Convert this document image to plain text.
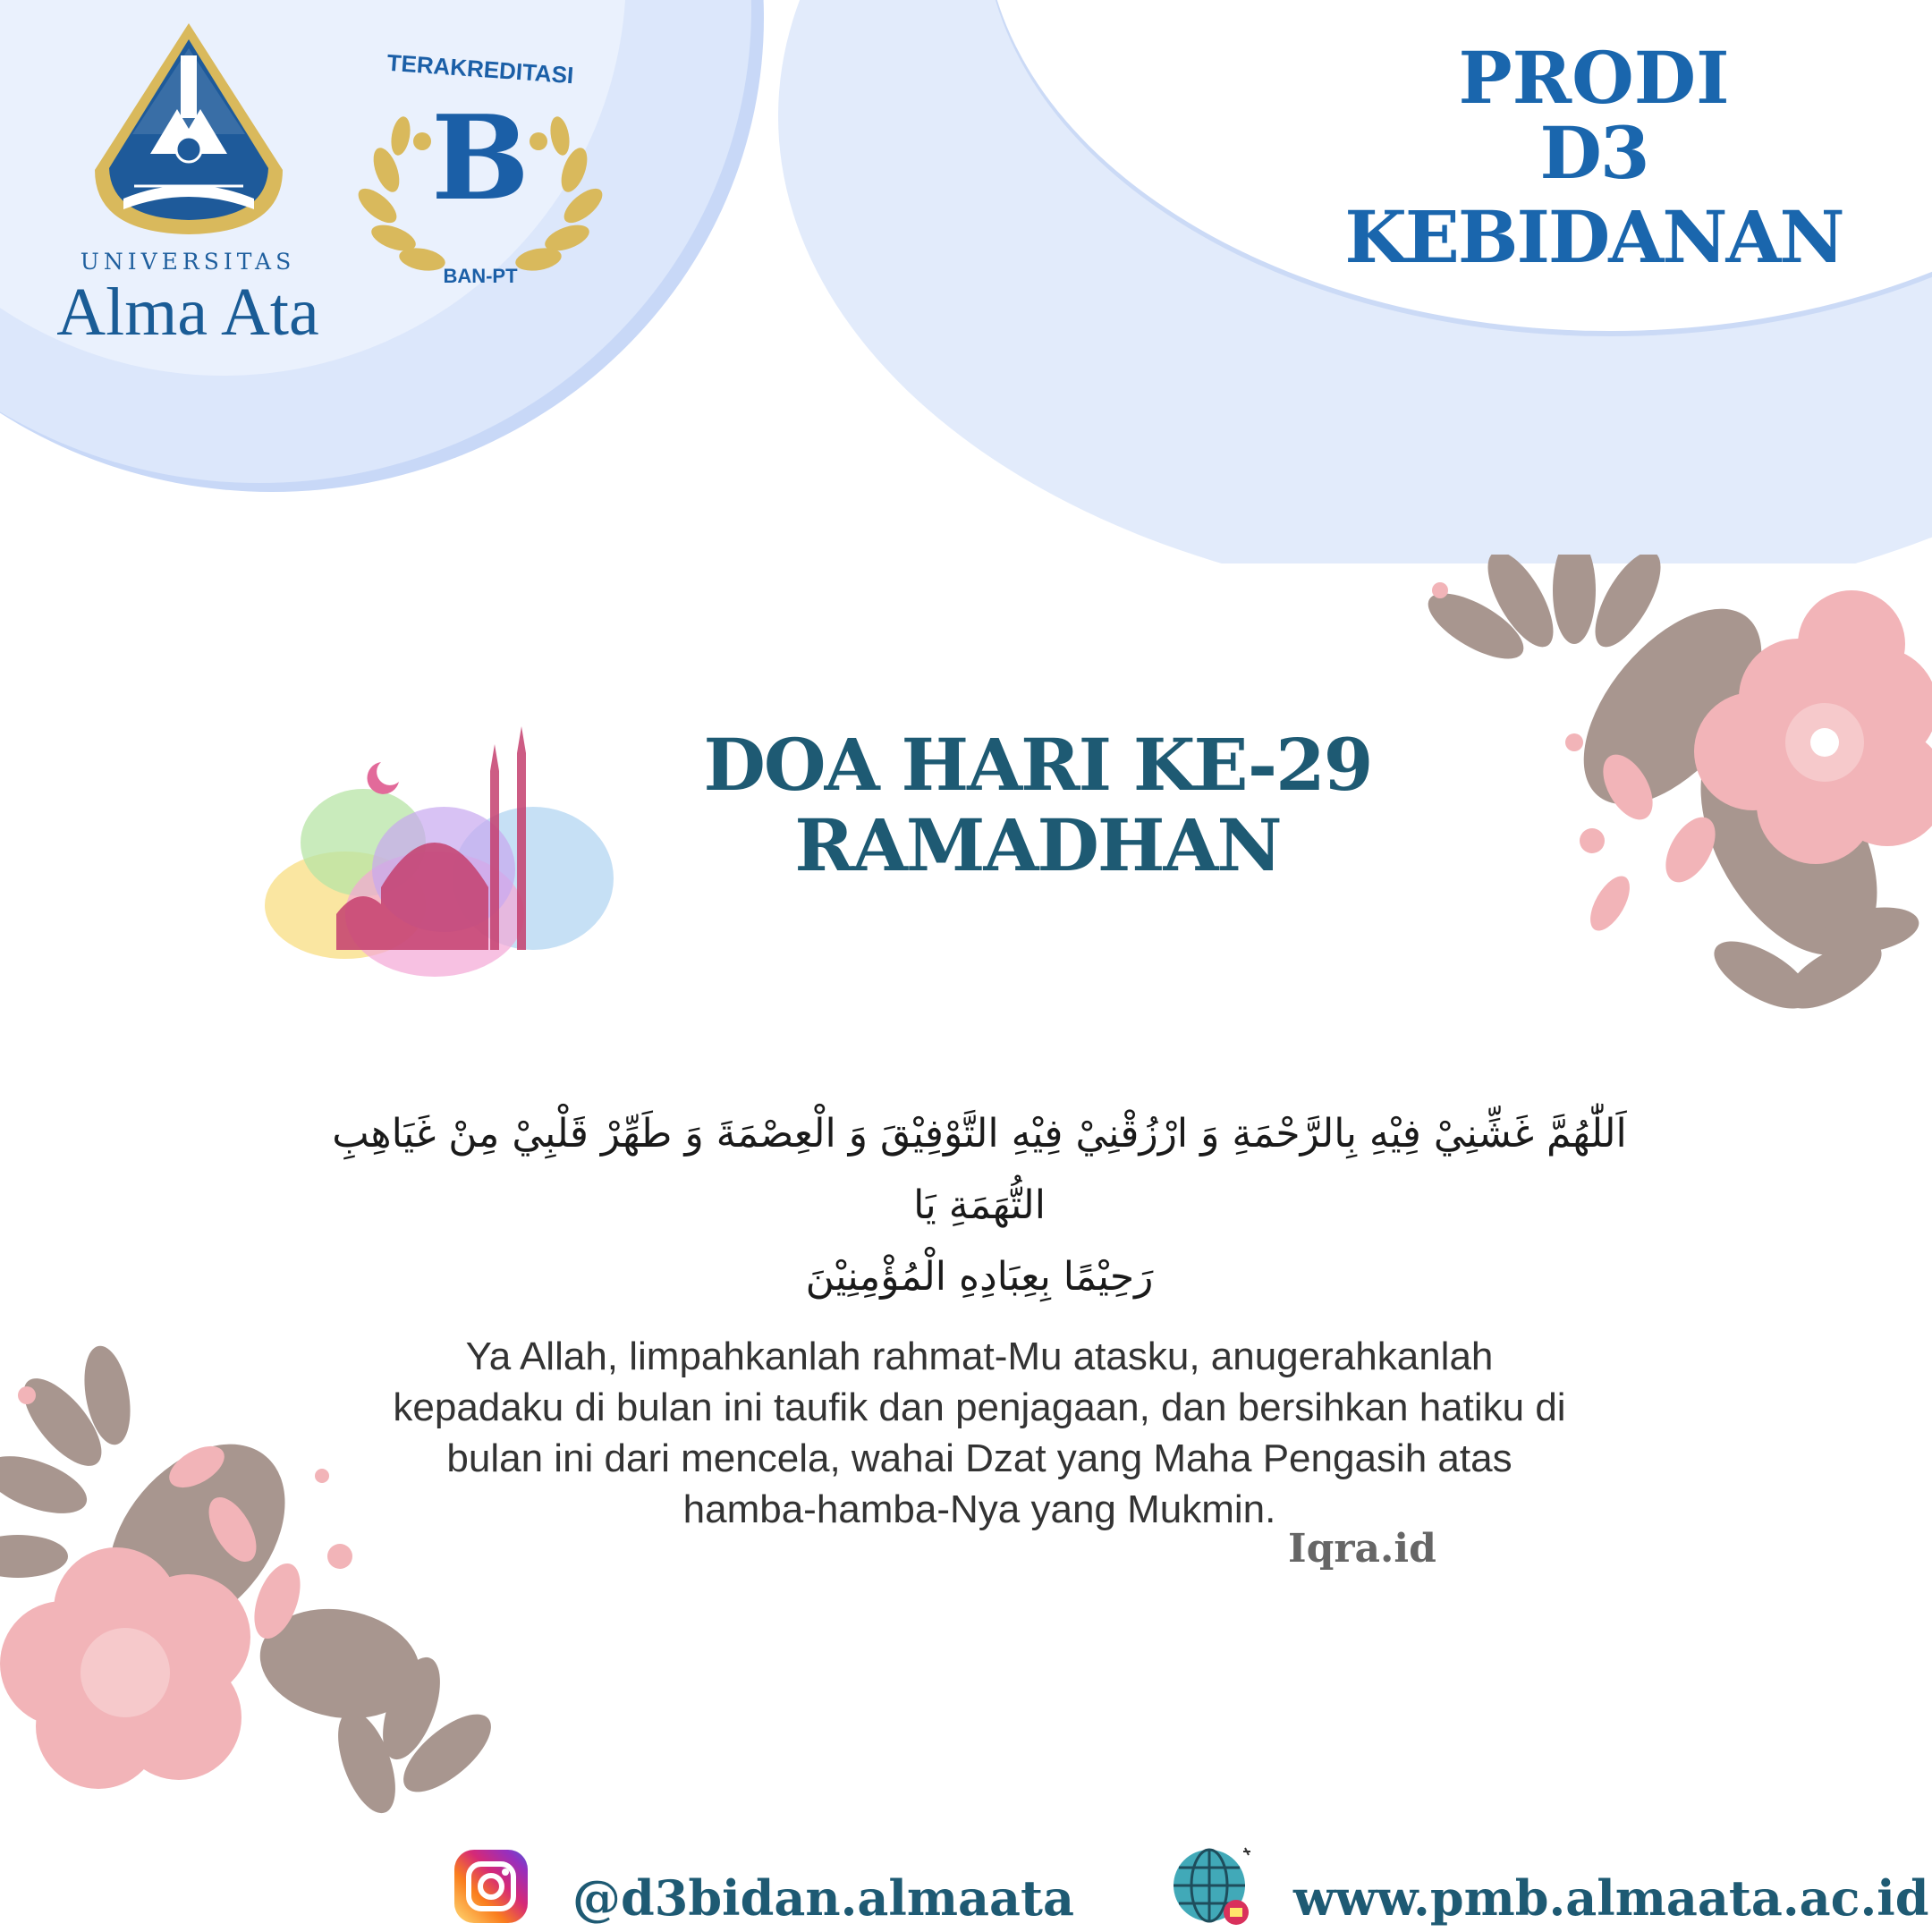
UNIVERSITAS
Alma Ata
TERAKREDITASI
B
BAN-PT
PRODI
D3 KEBIDANAN
DOA HARI KE-29
RAMADHAN
اَللّٰهُمَّ غَشِّنِيْ فِيْهِ بِالرَّحْمَةِ وَ ارْزُقْنِيْ فِيْهِ التَّوْفِيْقَ وَ الْعِصْمَةَ وَ طَهِّرْ قَلْبِيْ مِنْ غَيَاهِبِ التُّهَمَةِ يَا
رَحِيْمًا بِعِبَادِهِ الْمُؤْمِنِيْنَ
Ya Allah, limpahkanlah rahmat-Mu atasku, anugerahkanlah
kepadaku di bulan ini taufik dan penjagaan, dan bersihkan hatiku di
bulan ini dari mencela, wahai Dzat yang Maha Pengasih atas
hamba-hamba-Nya yang Mukmin.
Iqra.id
@d3bidan.almaata	www.pmb.almaata.ac.id
